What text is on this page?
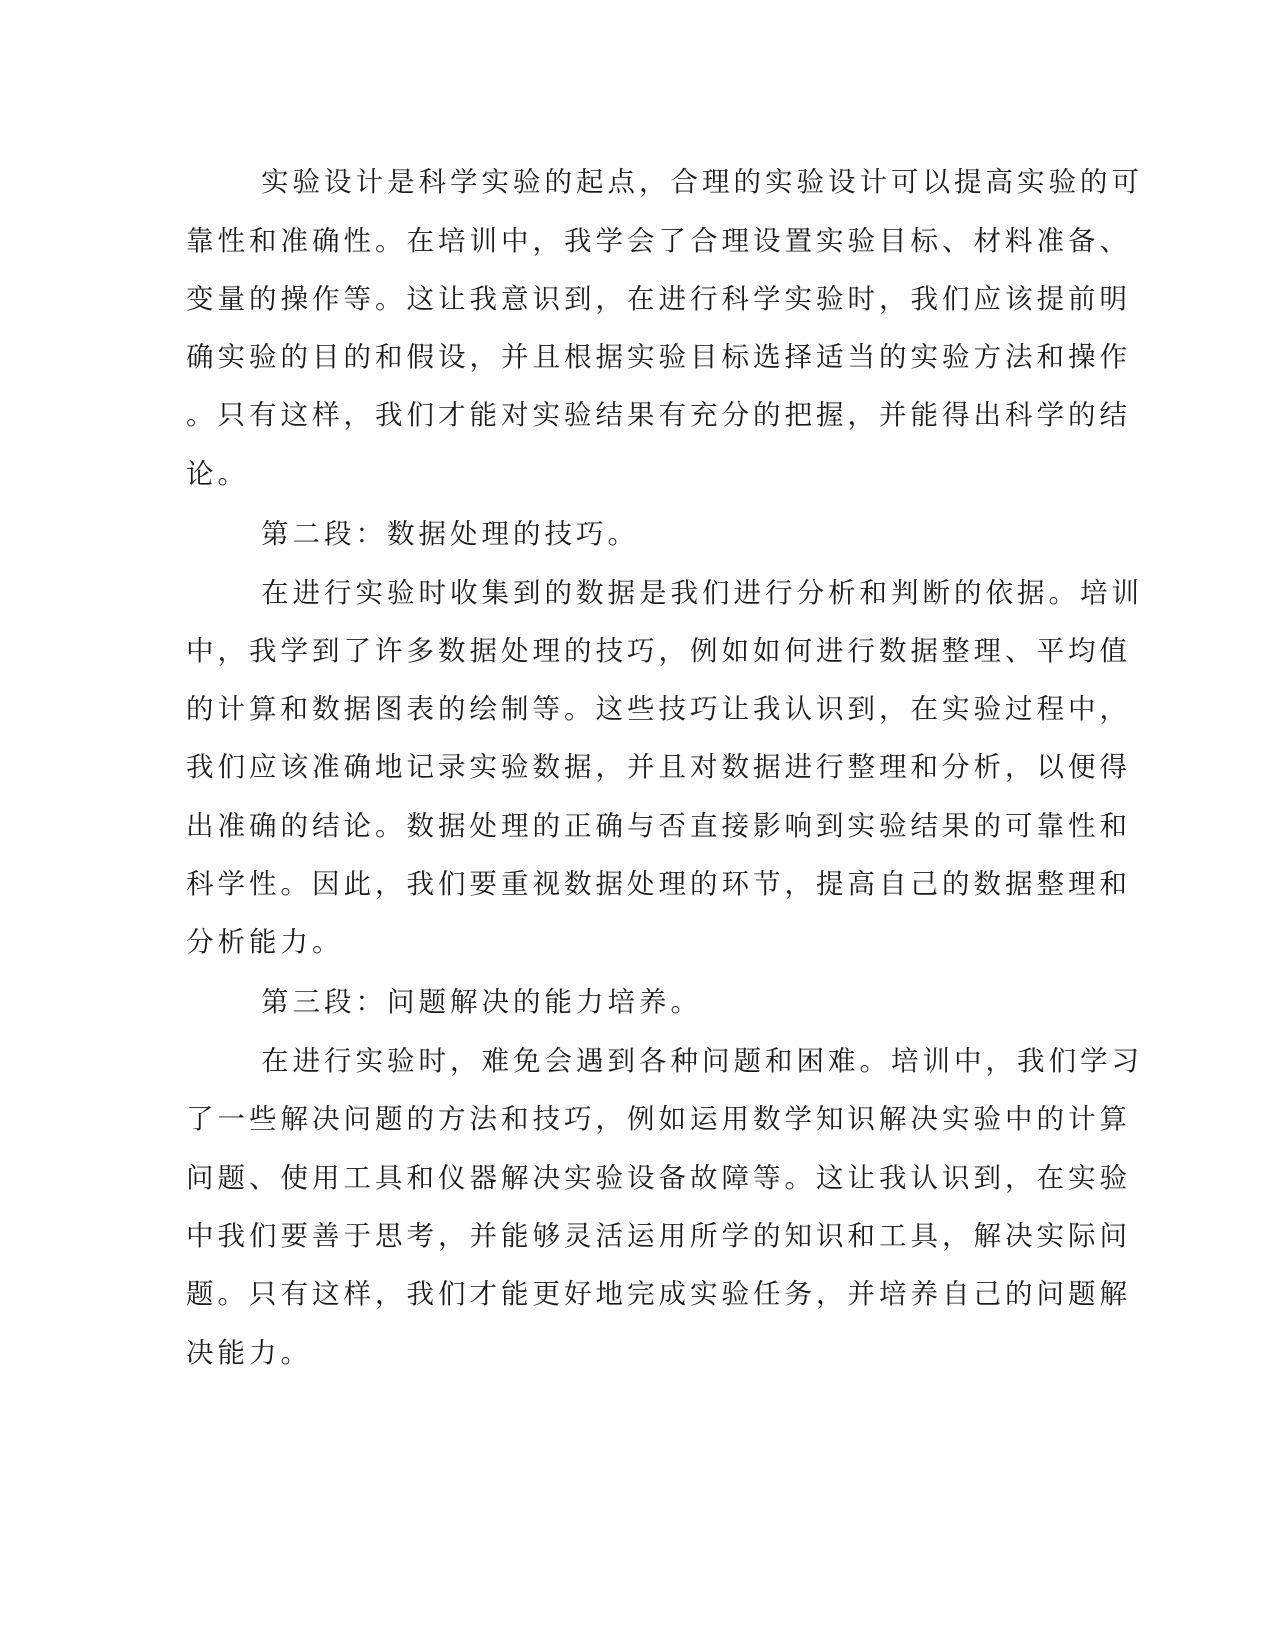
实验设计是科学实验的起点，合理的实验设计可以提高实验的可
靠性和准确性。在培训中，我学会了合理设置实验目标、材料准备、
变量的操作等。这让我意识到，在进行科学实验时，我们应该提前明
确实验的目的和假设，并且根据实验目标选择适当的实验方法和操作
。只有这样，我们才能对实验结果有充分的把握，并能得出科学的结
论。
第二段：数据处理的技巧。
在进行实验时收集到的数据是我们进行分析和判断的依据。培训
中，我学到了许多数据处理的技巧，例如如何进行数据整理、平均值
的计算和数据图表的绘制等。这些技巧让我认识到，在实验过程中，
我们应该准确地记录实验数据，并且对数据进行整理和分析，以便得
出准确的结论。数据处理的正确与否直接影响到实验结果的可靠性和
科学性。因此，我们要重视数据处理的环节，提高自己的数据整理和
分析能力。
第三段：问题解决的能力培养。
在进行实验时，难免会遇到各种问题和困难。培训中，我们学习
了一些解决问题的方法和技巧，例如运用数学知识解决实验中的计算
问题、使用工具和仪器解决实验设备故障等。这让我认识到，在实验
中我们要善于思考，并能够灵活运用所学的知识和工具，解决实际问
题。只有这样，我们才能更好地完成实验任务，并培养自己的问题解
决能力。
